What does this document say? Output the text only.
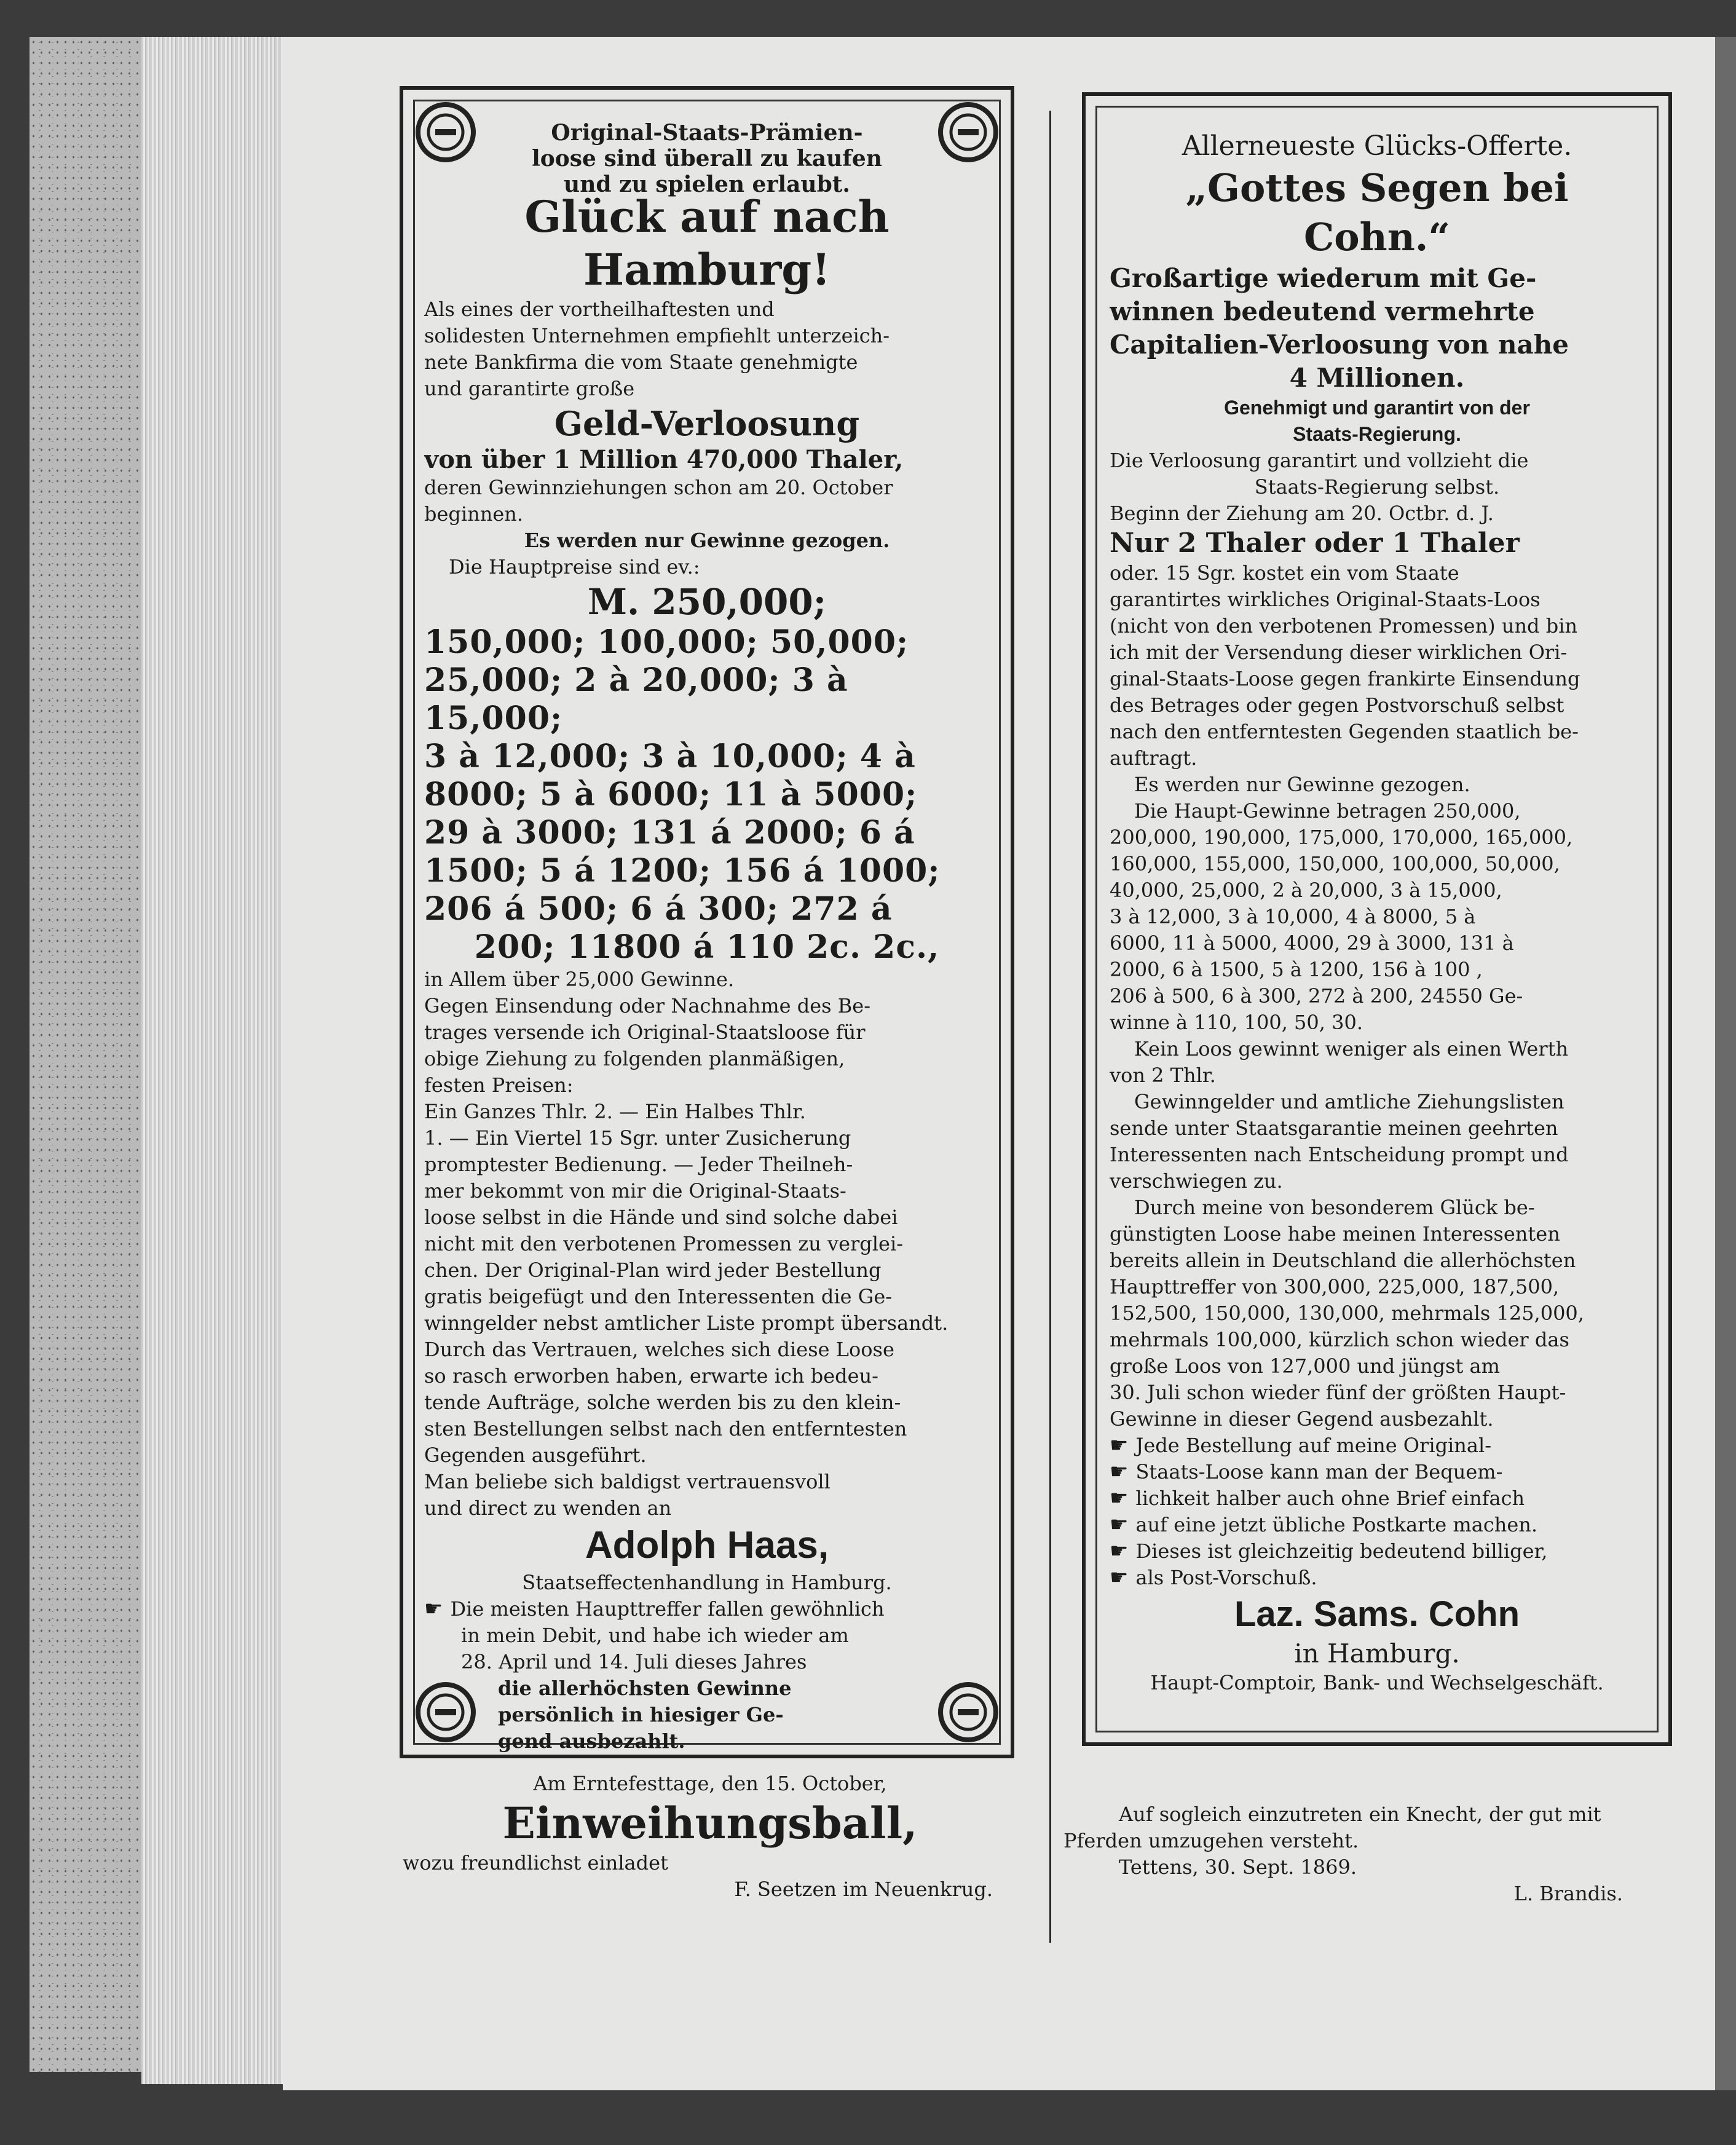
Original-Staats-Prämien-
loose sind überall zu kaufen
und zu spielen erlaubt.
Glück auf nach Hamburg!
Als eines der vortheilhaftesten und
solidesten Unternehmen empfiehlt unterzeich-
nete Bankfirma die vom Staate genehmigte
und garantirte große
Geld-Verloosung
von über 1 Million 470,000 Thaler,
deren Gewinnziehungen schon am 20. October
beginnen.
Es werden nur Gewinne gezogen.
Die Hauptpreise sind ev.:
M. 250,000;
150,000; 100,000; 50,000;
25,000; 2 à 20,000; 3 à 15,000;
3 à 12,000; 3 à 10,000; 4 à
8000; 5 à 6000; 11 à 5000;
29 à 3000; 131 á 2000; 6 á
1500; 5 á 1200; 156 á 1000;
206 á 500; 6 á 300; 272 á
200; 11800 á 110 2c. 2c.,
in Allem über 25,000 Gewinne.
Gegen Einsendung oder Nachnahme des Be-
trages versende ich Original-Staatsloose für
obige Ziehung zu folgenden planmäßigen,
festen Preisen:
Ein Ganzes Thlr. 2. — Ein Halbes Thlr.
1. — Ein Viertel 15 Sgr. unter Zusicherung
promptester Bedienung. — Jeder Theilneh-
mer bekommt von mir die Original-Staats-
loose selbst in die Hände und sind solche dabei
nicht mit den verbotenen Promessen zu verglei-
chen. Der Original-Plan wird jeder Bestellung
gratis beigefügt und den Interessenten die Ge-
winngelder nebst amtlicher Liste prompt übersandt.
Durch das Vertrauen, welches sich diese Loose
so rasch erworben haben, erwarte ich bedeu-
tende Aufträge, solche werden bis zu den klein-
sten Bestellungen selbst nach den entferntesten
Gegenden ausgeführt.
Man beliebe sich baldigst vertrauensvoll
und direct zu wenden an
Adolph Haas,
Staatseffectenhandlung in Hamburg.
☛ Die meisten Haupttreffer fallen gewöhnlich
in mein Debit, und habe ich wieder am
28. April und 14. Juli dieses Jahres
die allerhöchsten Gewinne
persönlich in hiesiger Ge-
gend ausbezahlt.
Allerneueste Glücks-Offerte.
„Gottes Segen bei Cohn.“
Großartige wiederum mit Ge-
winnen bedeutend vermehrte
Capitalien-Verloosung von nahe
4 Millionen.
Genehmigt und garantirt von der
Staats-Regierung.
Die Verloosung garantirt und vollzieht die
Staats-Regierung selbst.
Beginn der Ziehung am 20. Octbr. d. J.
Nur 2 Thaler oder 1 Thaler
oder. 15 Sgr. kostet ein vom Staate
garantirtes wirkliches Original-Staats-Loos
(nicht von den verbotenen Promessen) und bin
ich mit der Versendung dieser wirklichen Ori-
ginal-Staats-Loose gegen frankirte Einsendung
des Betrages oder gegen Postvorschuß selbst
nach den entferntesten Gegenden staatlich be-
auftragt.
Es werden nur Gewinne gezogen.
Die Haupt-Gewinne betragen 250,000,
200,000, 190,000, 175,000, 170,000, 165,000,
160,000, 155,000, 150,000, 100,000, 50,000,
40,000, 25,000, 2 à 20,000, 3 à 15,000,
3 à 12,000, 3 à 10,000, 4 à 8000, 5 à
6000, 11 à 5000, 4000, 29 à 3000, 131 à
2000, 6 à 1500, 5 à 1200, 156 à 100 ,
206 à 500, 6 à 300, 272 à 200, 24550 Ge-
winne à 110, 100, 50, 30.
Kein Loos gewinnt weniger als einen Werth
von 2 Thlr.
Gewinngelder und amtliche Ziehungslisten
sende unter Staatsgarantie meinen geehrten
Interessenten nach Entscheidung prompt und
verschwiegen zu.
Durch meine von besonderem Glück be-
günstigten Loose habe meinen Interessenten
bereits allein in Deutschland die allerhöchsten
Haupttreffer von 300,000, 225,000, 187,500,
152,500, 150,000, 130,000, mehrmals 125,000,
mehrmals 100,000, kürzlich schon wieder das
große Loos von 127,000 und jüngst am
30. Juli schon wieder fünf der größten Haupt-
Gewinne in dieser Gegend ausbezahlt.
☛ Jede Bestellung auf meine Original-
☛ Staats-Loose kann man der Bequem-
☛ lichkeit halber auch ohne Brief einfach
☛ auf eine jetzt übliche Postkarte machen.
☛ Dieses ist gleichzeitig bedeutend billiger,
☛ als Post-Vorschuß.
Laz. Sams. Cohn
in Hamburg.
Haupt-Comptoir, Bank- und Wechselgeschäft.
Am Erntefesttage, den 15. October,
Einweihungsball,
wozu freundlichst einladet
F. Seetzen im Neuenkrug.
Auf sogleich einzutreten ein Knecht, der gut mit
Pferden umzugehen versteht.
Tettens, 30. Sept. 1869.
L. Brandis.
